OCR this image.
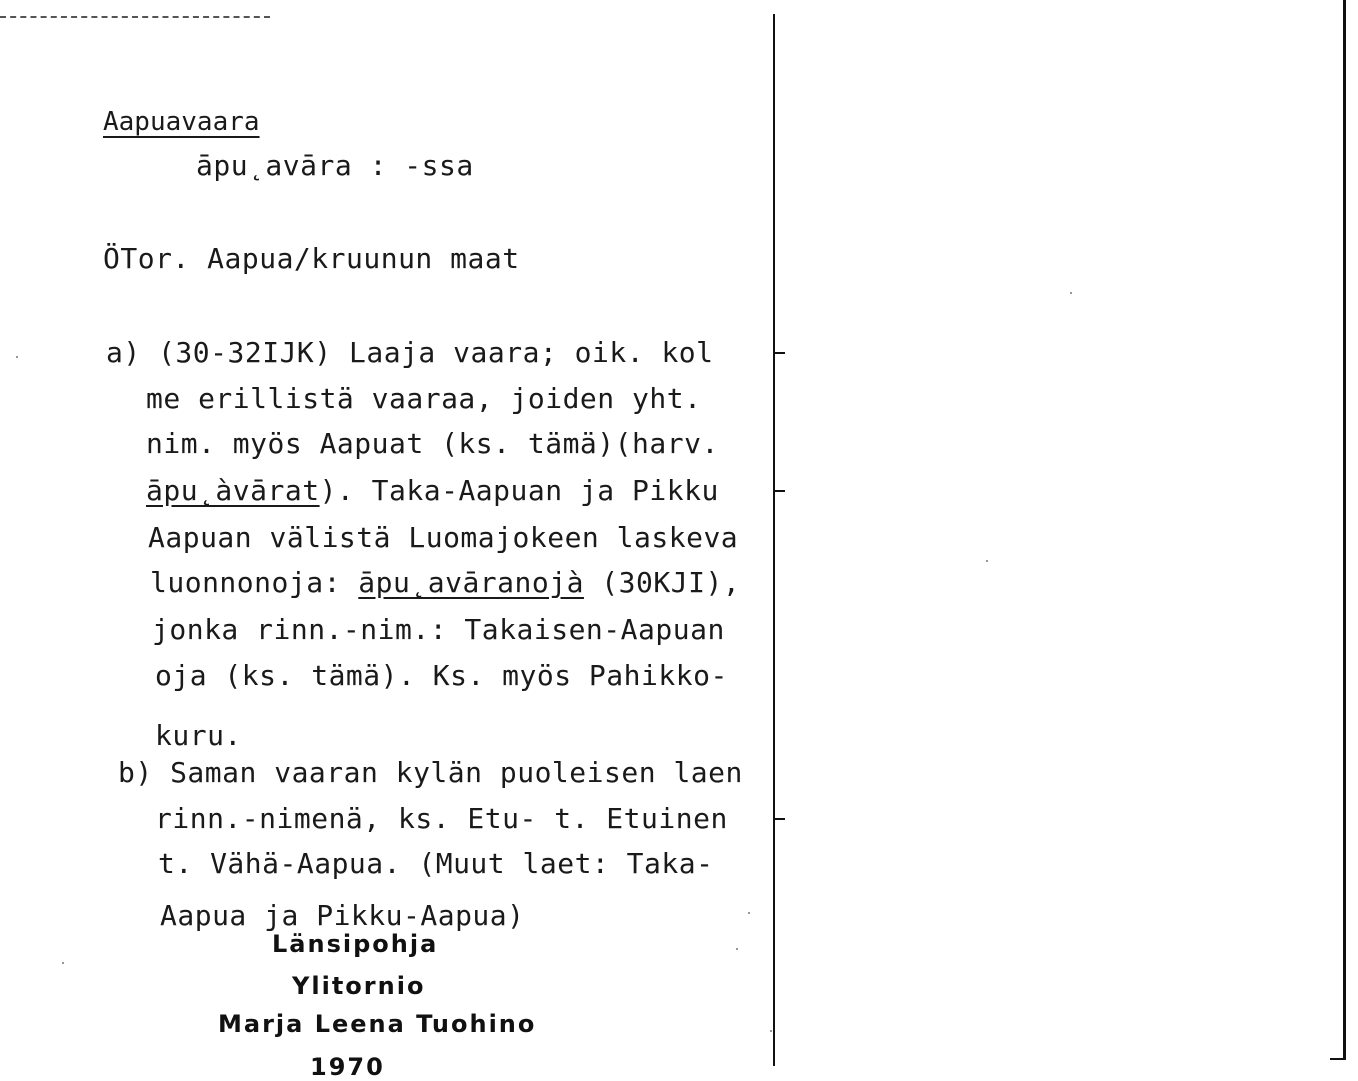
Aapuavaara
āpu˛avāra : -ssa
ÖTor. Aapua/kruunun maat
a) (30-32IJK) Laaja vaara; oik. kol
me erillistä vaaraa, joiden yht.
nim. myös Aapuat (ks. tämä)(harv.
āpu˛àvārat). Taka-Aapuan ja Pikku
Aapuan välistä Luomajokeen laskeva
luonnonoja: āpu˛avāranojà (30KJI),
jonka rinn.-nim.: Takaisen-Aapuan
oja (ks. tämä). Ks. myös Pahikko-
kuru.
b) Saman vaaran kylän puoleisen laen
rinn.-nimenä, ks. Etu- t. Etuinen
t. Vähä-Aapua. (Muut laet: Taka-
Aapua ja Pikku-Aapua)
Länsipohja
Ylitornio
Marja Leena Tuohino
1970
